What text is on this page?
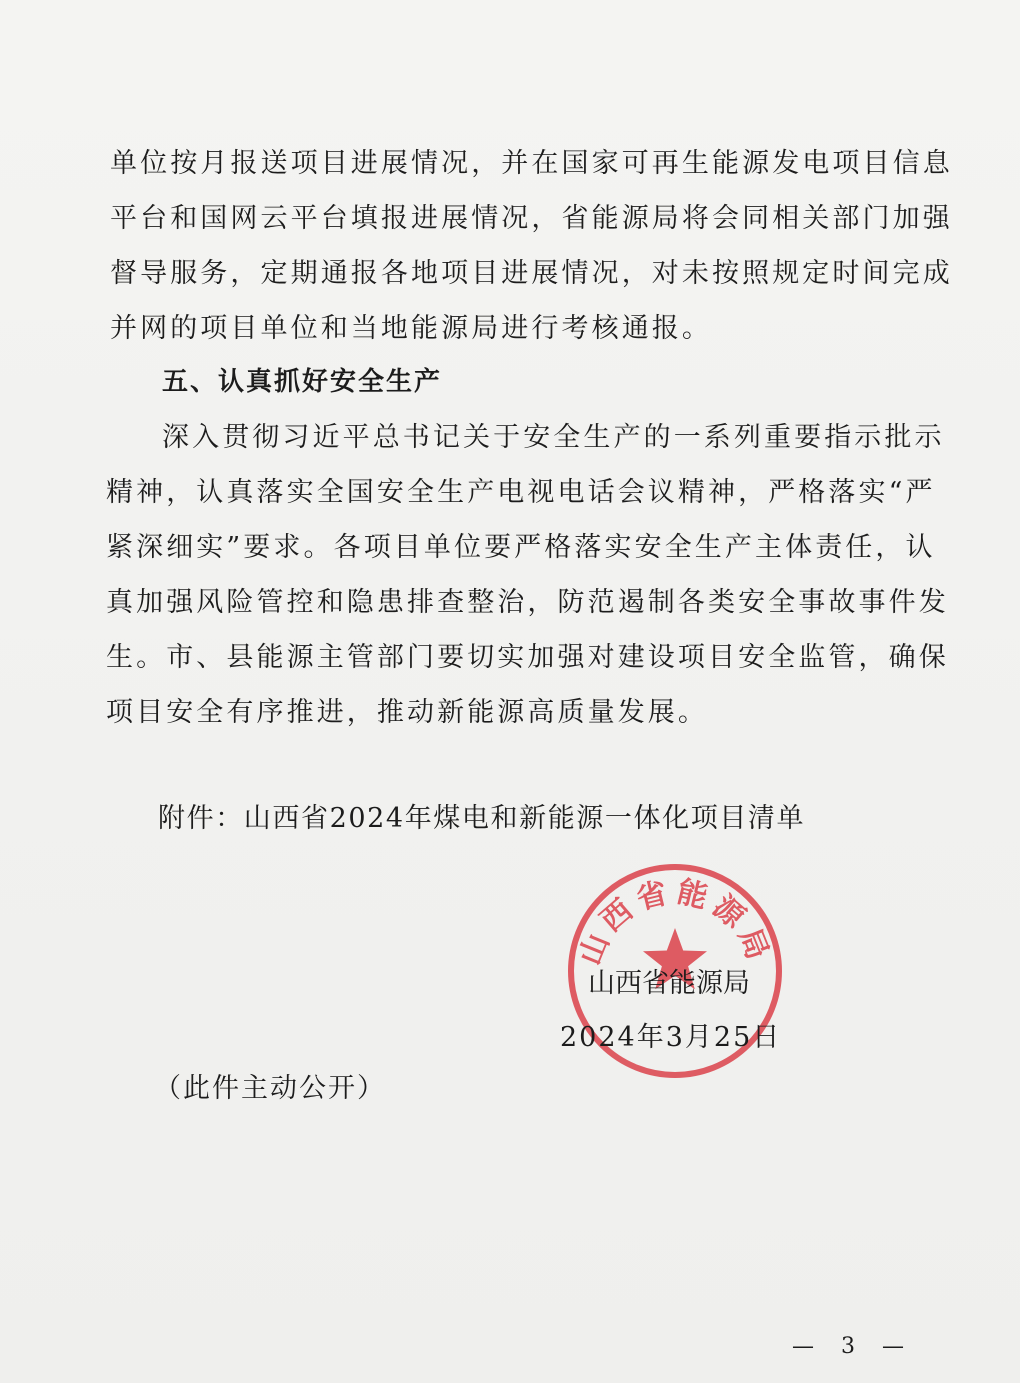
单位按月报送项目进展情况，并在国家可再生能源发电项目信息
平台和国网云平台填报进展情况，省能源局将会同相关部门加强
督导服务，定期通报各地项目进展情况，对未按照规定时间完成
并网的项目单位和当地能源局进行考核通报。
五、认真抓好安全生产
深入贯彻习近平总书记关于安全生产的一系列重要指示批示
精神，认真落实全国安全生产电视电话会议精神，严格落实“严
紧深细实”要求。各项目单位要严格落实安全生产主体责任，认
真加强风险管控和隐患排查整治，防范遏制各类安全事故事件发
生。市、县能源主管部门要切实加强对建设项目安全监管，确保
项目安全有序推进，推动新能源高质量发展。
附件：山西省2024年煤电和新能源一体化项目清单
山西省能源局
山西省能源局
2024年3月25日
（此件主动公开）
— 3 —
